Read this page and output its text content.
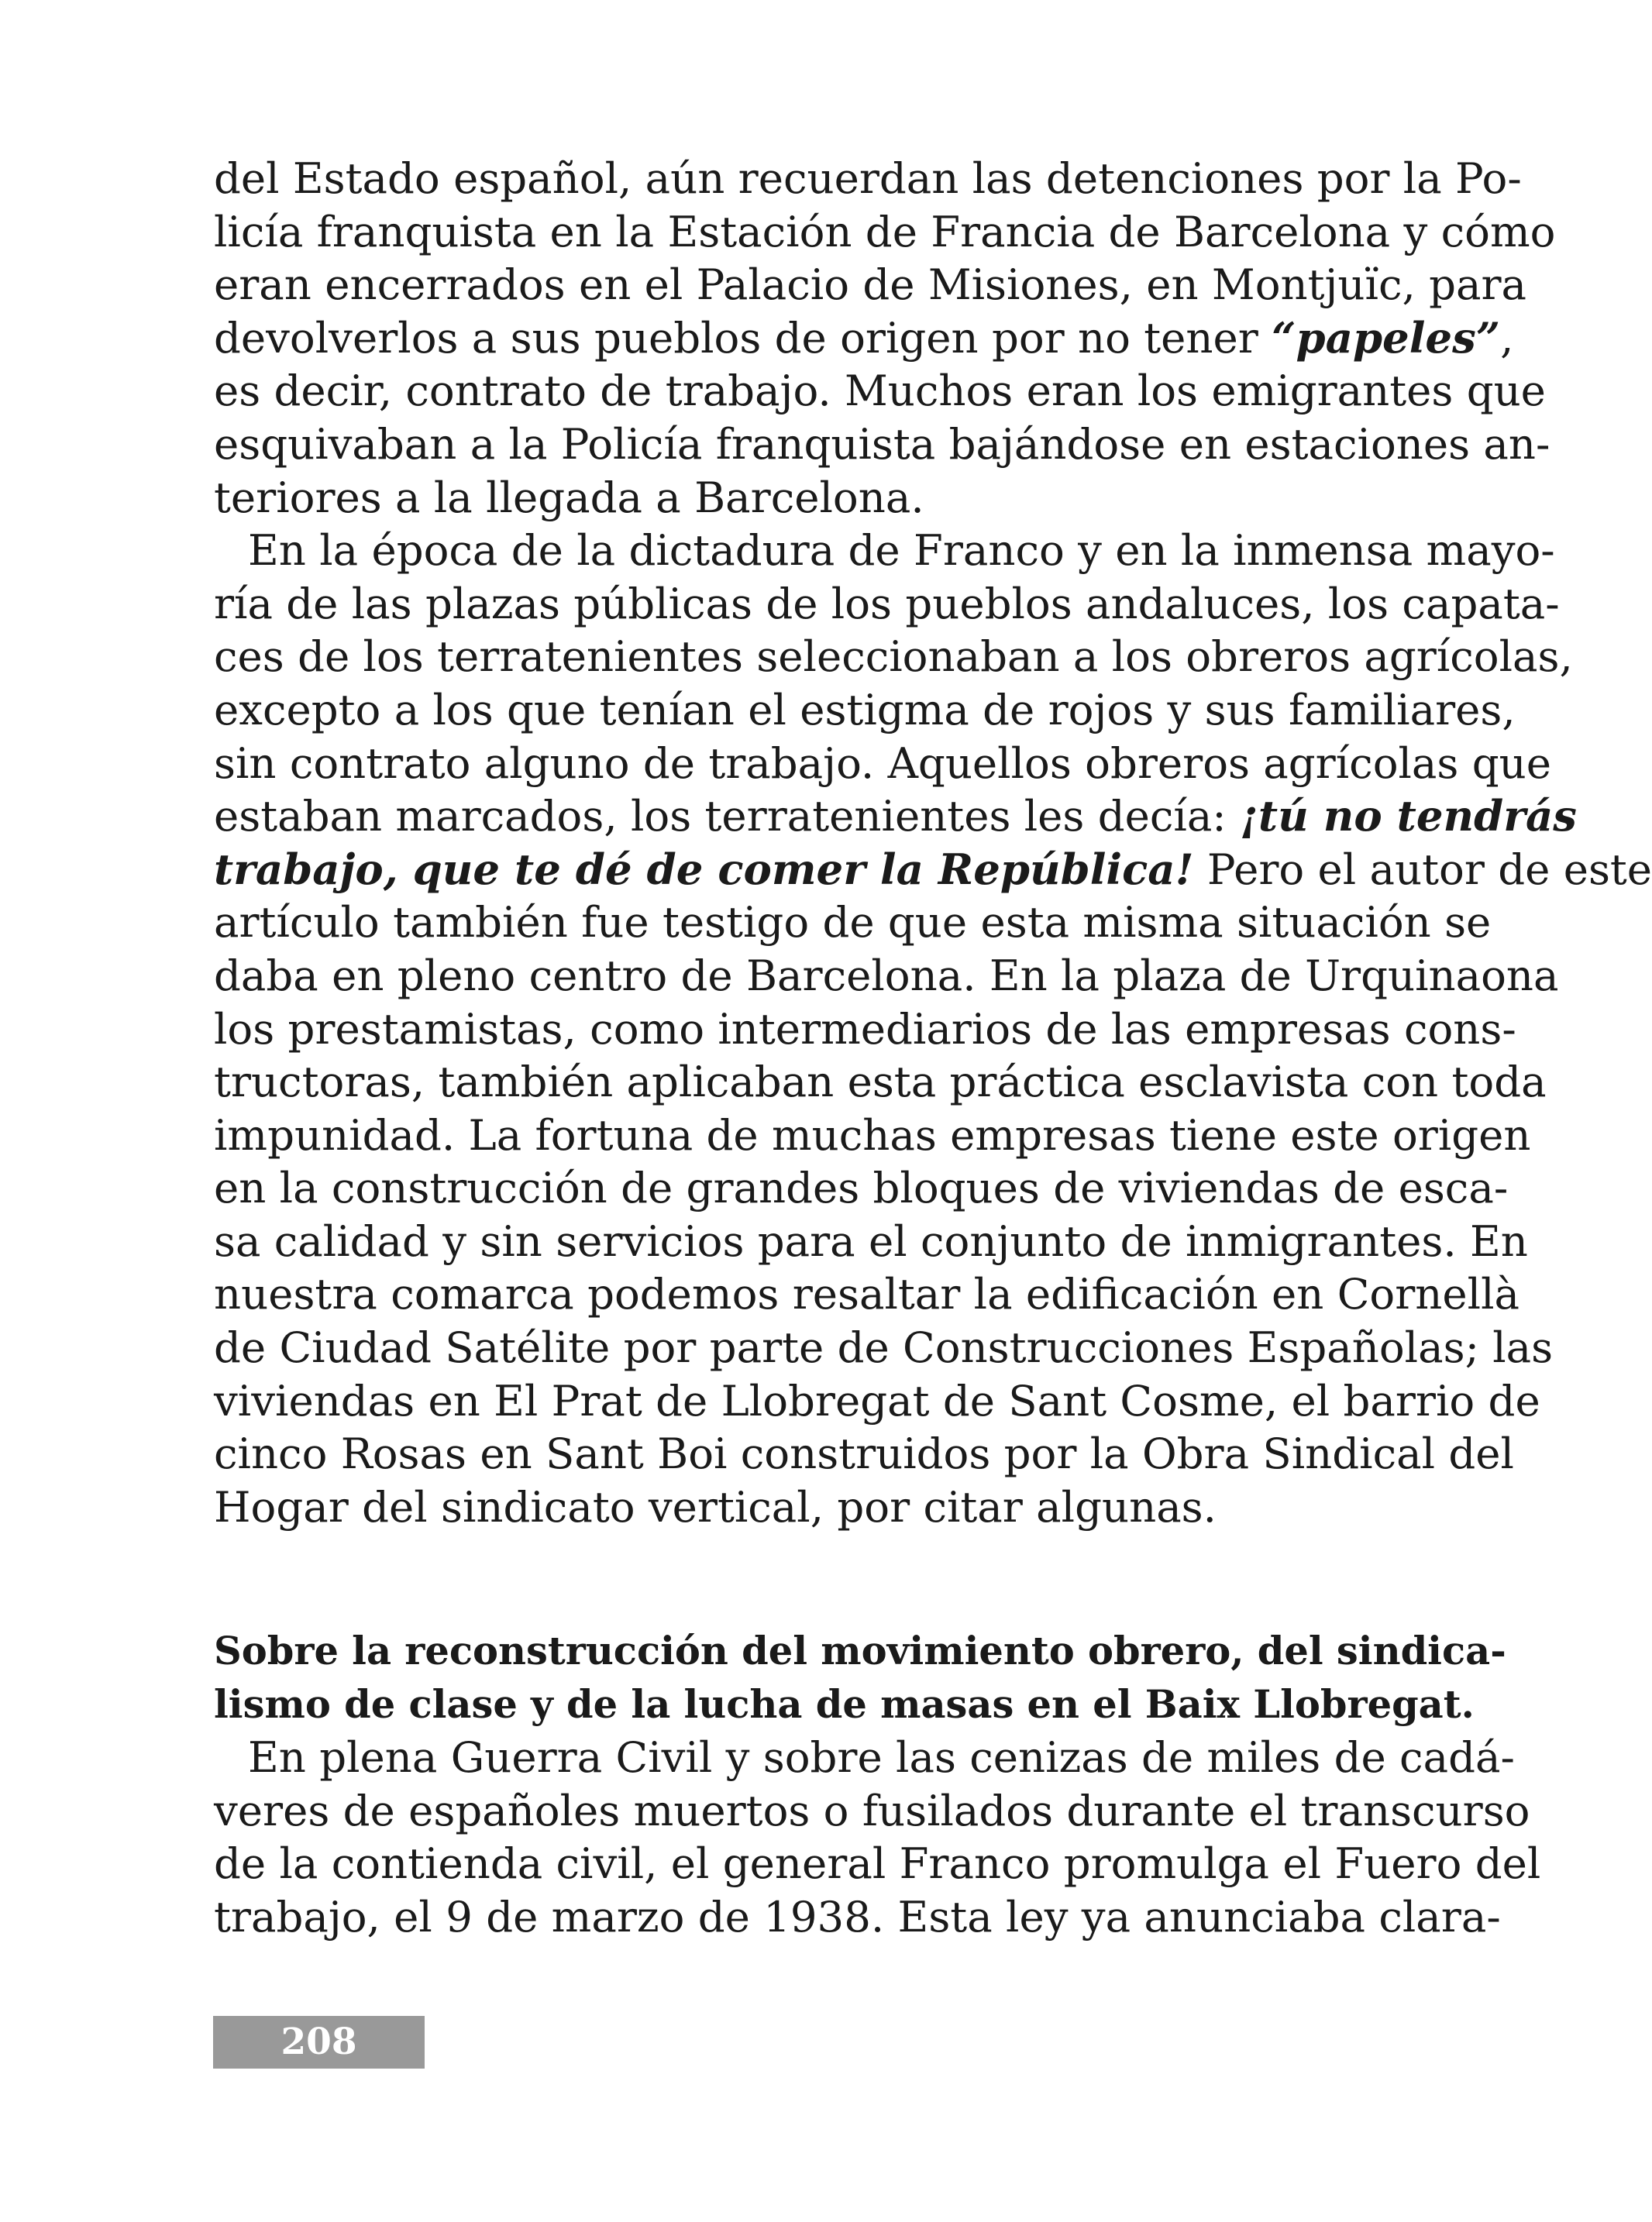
del Estado español, aún recuerdan las detenciones por la Po-
licía franquista en la Estación de Francia de Barcelona y cómo
eran encerrados en el Palacio de Misiones, en Montjuïc, para
devolverlos a sus pueblos de origen por no tener “papeles”,
es decir, contrato de trabajo. Muchos eran los emigrantes que
esquivaban a la Policía franquista bajándose en estaciones an-
teriores a la llegada a Barcelona.
En la época de la dictadura de Franco y en la inmensa mayo-
ría de las plazas públicas de los pueblos andaluces, los capata-
ces de los terratenientes seleccionaban a los obreros agrícolas,
excepto a los que tenían el estigma de rojos y sus familiares,
sin contrato alguno de trabajo. Aquellos obreros agrícolas que
estaban marcados, los terratenientes les decía: ¡tú no tendrás
trabajo, que te dé de comer la República! Pero el autor de este
artículo también fue testigo de que esta misma situación se
daba en pleno centro de Barcelona. En la plaza de Urquinaona
los prestamistas, como intermediarios de las empresas cons-
tructoras, también aplicaban esta práctica esclavista con toda
impunidad. La fortuna de muchas empresas tiene este origen
en la construcción de grandes bloques de viviendas de esca-
sa calidad y sin servicios para el conjunto de inmigrantes. En
nuestra comarca podemos resaltar la edificación en Cornellà
de Ciudad Satélite por parte de Construcciones Españolas; las
viviendas en El Prat de Llobregat de Sant Cosme, el barrio de
cinco Rosas en Sant Boi construidos por la Obra Sindical del
Hogar del sindicato vertical, por citar algunas.
Sobre la reconstrucción del movimiento obrero, del sindica-
lismo de clase y de la lucha de masas en el Baix Llobregat.
En plena Guerra Civil y sobre las cenizas de miles de cadá-
veres de españoles muertos o fusilados durante el transcurso
de la contienda civil, el general Franco promulga el Fuero del
trabajo, el 9 de marzo de 1938. Esta ley ya anunciaba clara-
208
